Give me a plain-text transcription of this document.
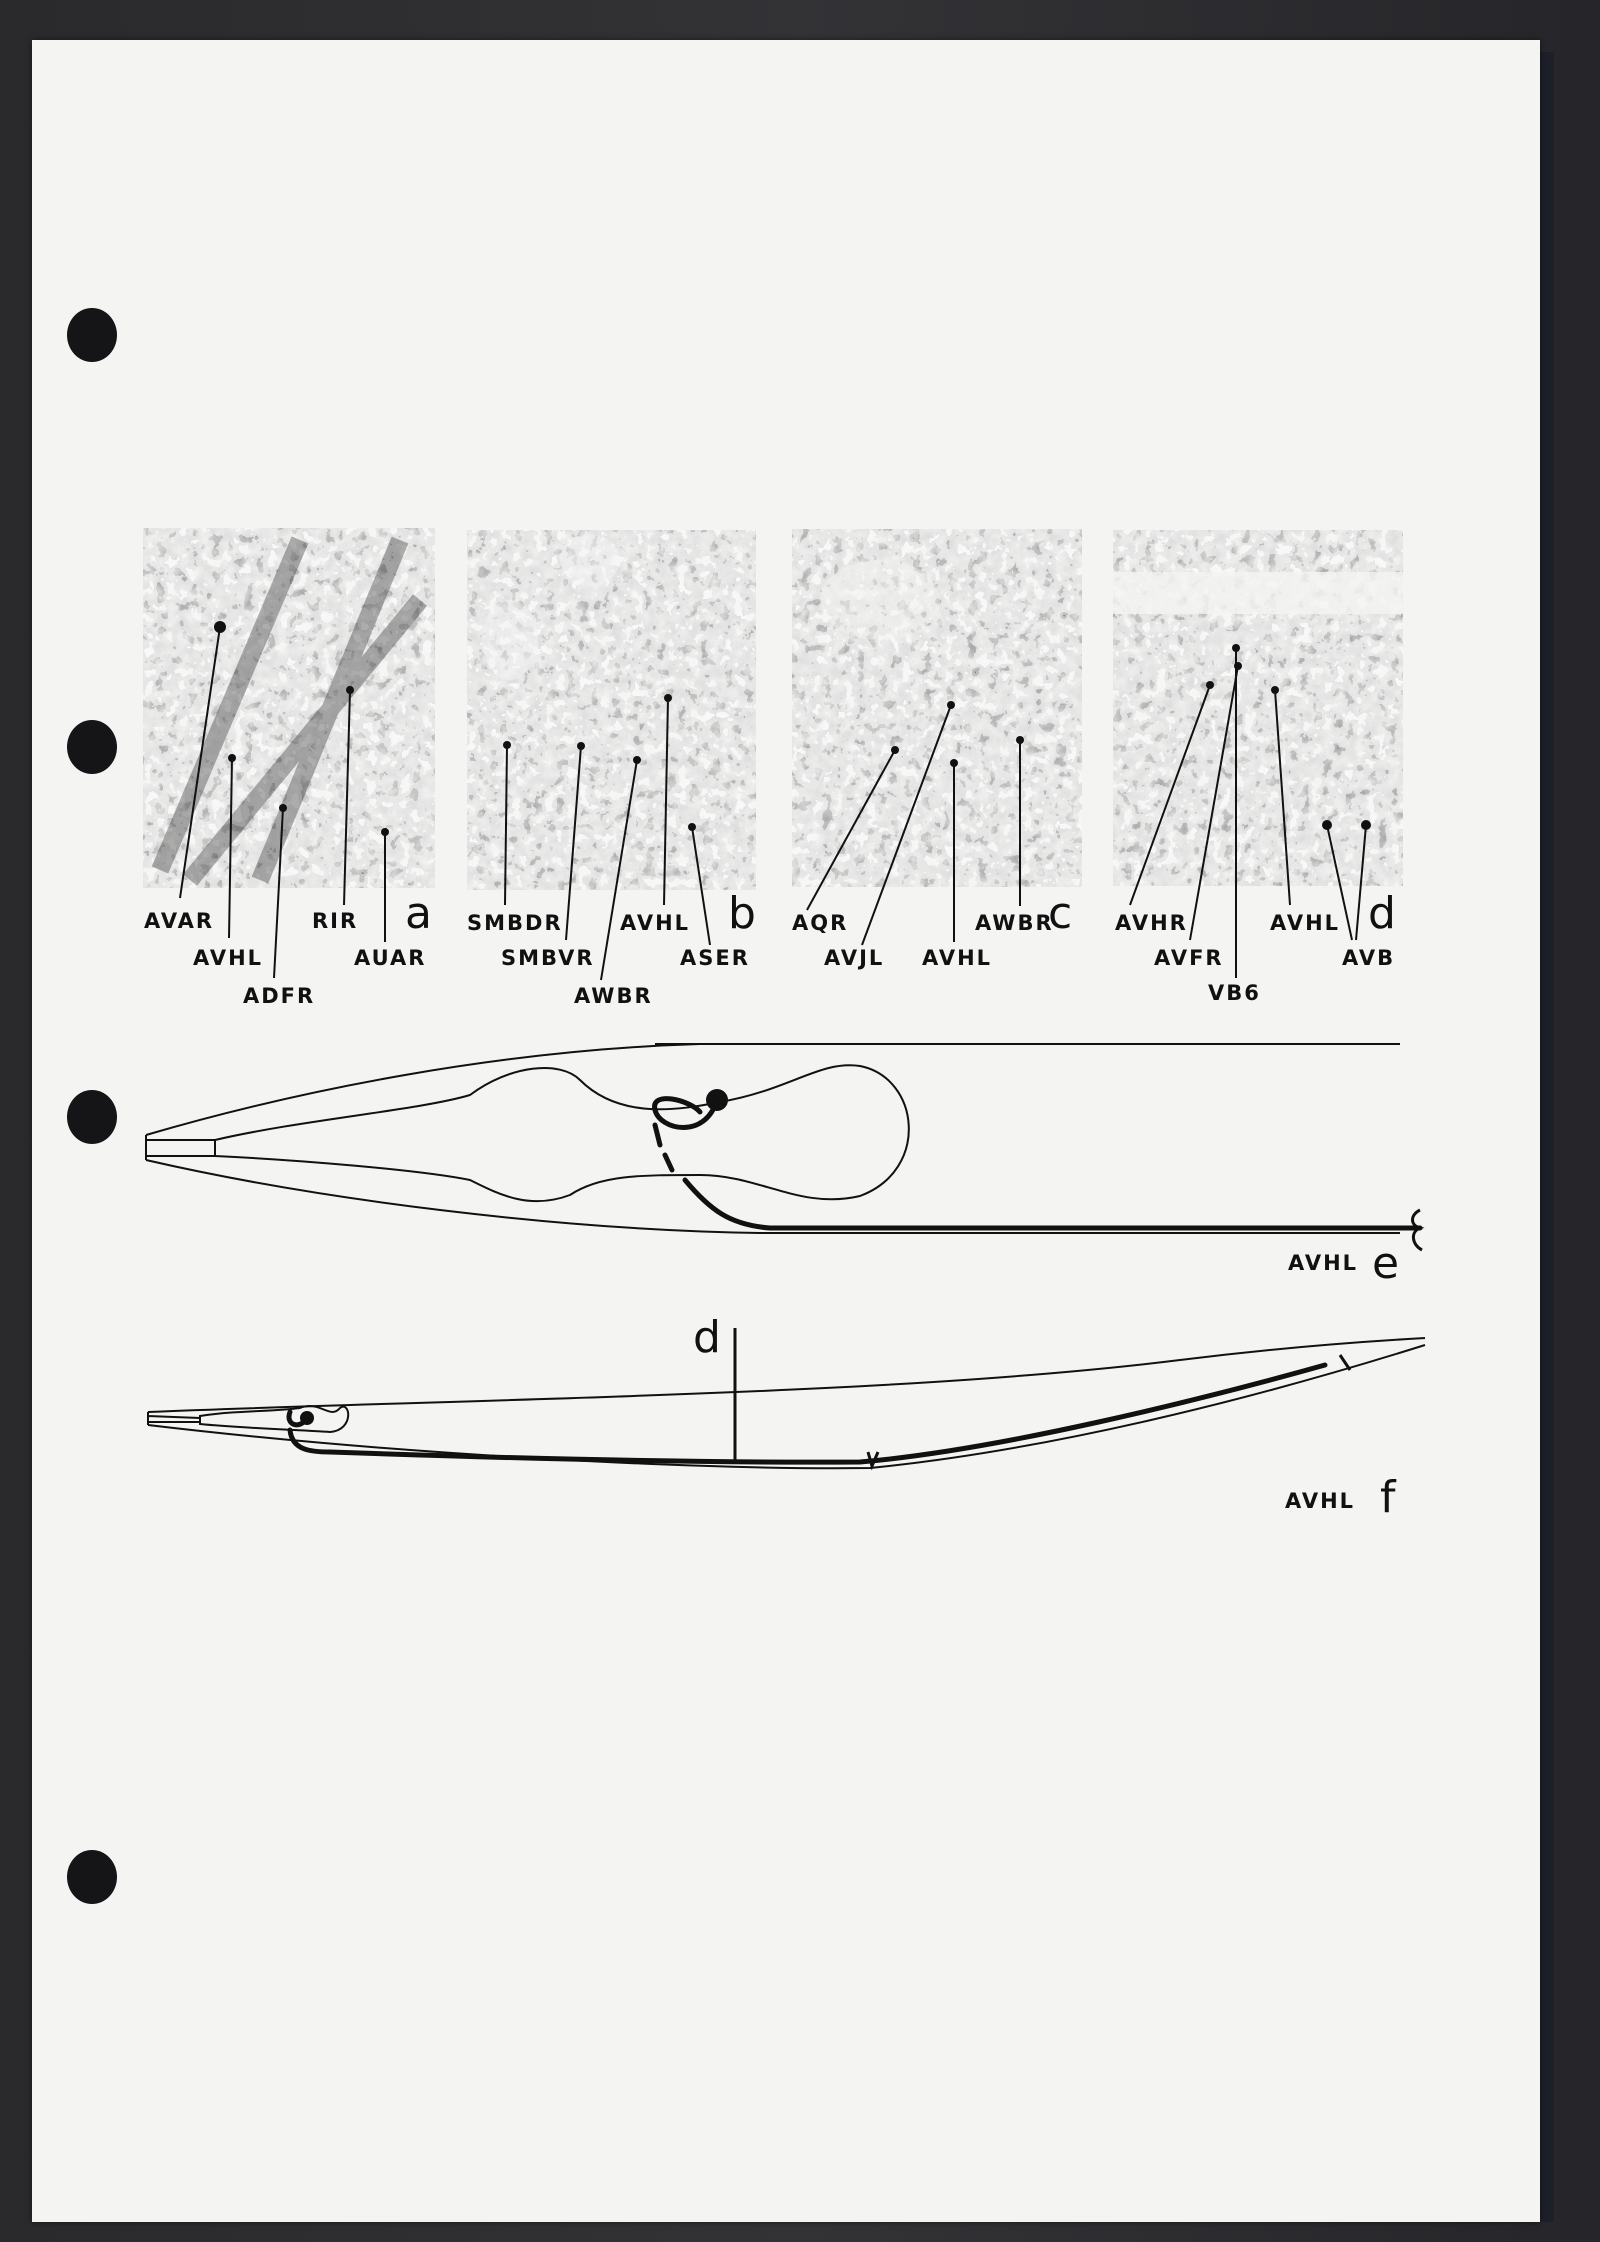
AVAR
AVHL
ADFR
RIR
AUAR
a SMBDR
SMBVR
AWBR
AVHL
ASER
b AQR
AVJL AVHL
AWBR
c AVHR
AVFR
VB6
AVHL
AVB
d
AVHL e
d
AVHL f
